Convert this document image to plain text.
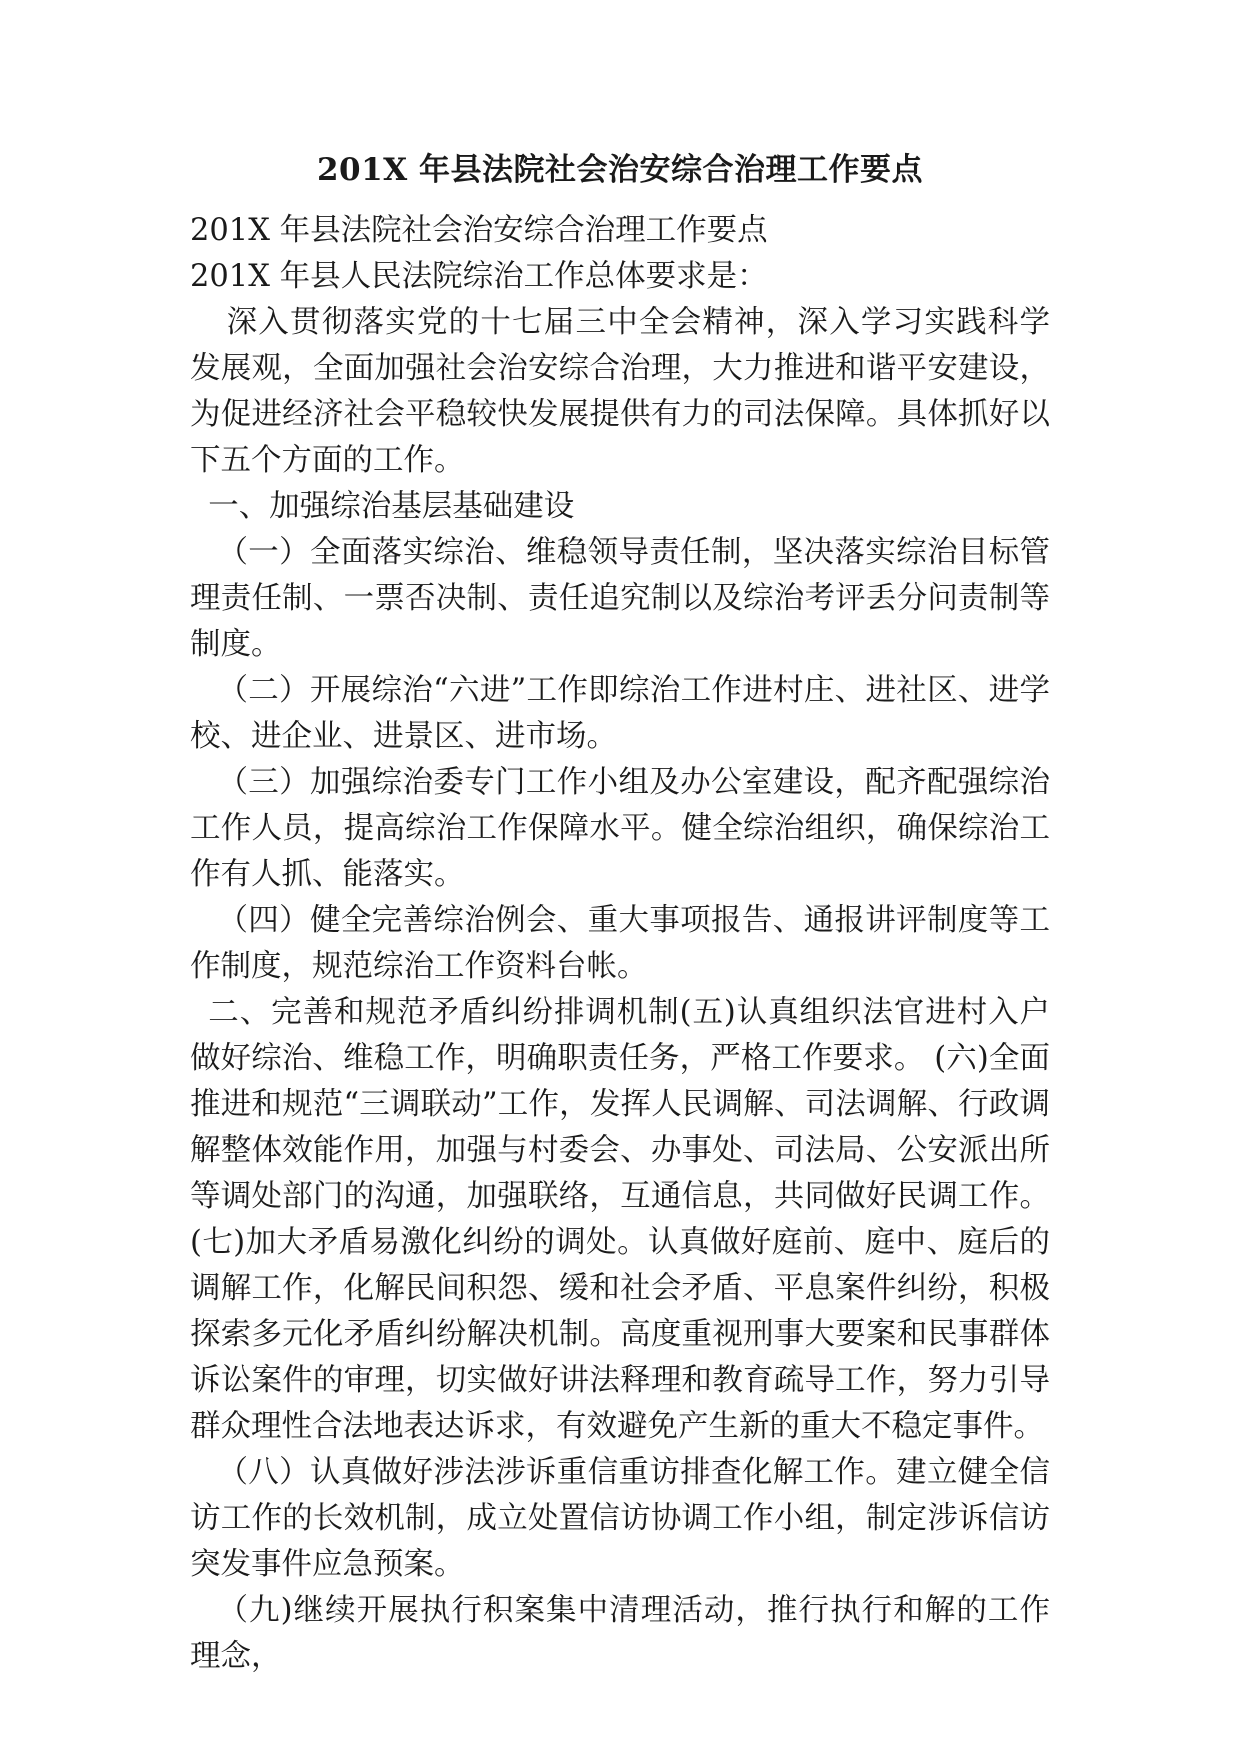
201X 年县法院社会治安综合治理工作要点

201X 年县法院社会治安综合治理工作要点

201X 年县人民法院综治工作总体要求是：

深入贯彻落实党的十七届三中全会精神，深入学习实践科学发展观，全面加强社会治安综合治理，大力推进和谐平安建设，为促进经济社会平稳较快发展提供有力的司法保障。具体抓好以下五个方面的工作。

一、加强综治基层基础建设

（一）全面落实综治、维稳领导责任制，坚决落实综治目标管理责任制、一票否决制、责任追究制以及综治考评丢分问责制等制度。

（二）开展综治“六进”工作即综治工作进村庄、进社区、进学校、进企业、进景区、进市场。

（三）加强综治委专门工作小组及办公室建设，配齐配强综治工作人员，提高综治工作保障水平。健全综治组织，确保综治工作有人抓、能落实。

（四）健全完善综治例会、重大事项报告、通报讲评制度等工作制度，规范综治工作资料台帐。

二、完善和规范矛盾纠纷排调机制(五)认真组织法官进村入户做好综治、维稳工作，明确职责任务，严格工作要求。 (六)全面推进和规范“三调联动”工作，发挥人民调解、司法调解、行政调解整体效能作用，加强与村委会、办事处、司法局、公安派出所等调处部门的沟通，加强联络，互通信息，共同做好民调工作。(七)加大矛盾易激化纠纷的调处。认真做好庭前、庭中、庭后的调解工作，化解民间积怨、缓和社会矛盾、平息案件纠纷，积极探索多元化矛盾纠纷解决机制。高度重视刑事大要案和民事群体诉讼案件的审理，切实做好讲法释理和教育疏导工作，努力引导群众理性合法地表达诉求，有效避免产生新的重大不稳定事件。

（八）认真做好涉法涉诉重信重访排查化解工作。建立健全信访工作的长效机制，成立处置信访协调工作小组，制定涉诉信访突发事件应急预案。

（九)继续开展执行积案集中清理活动，推行执行和解的工作理念，
